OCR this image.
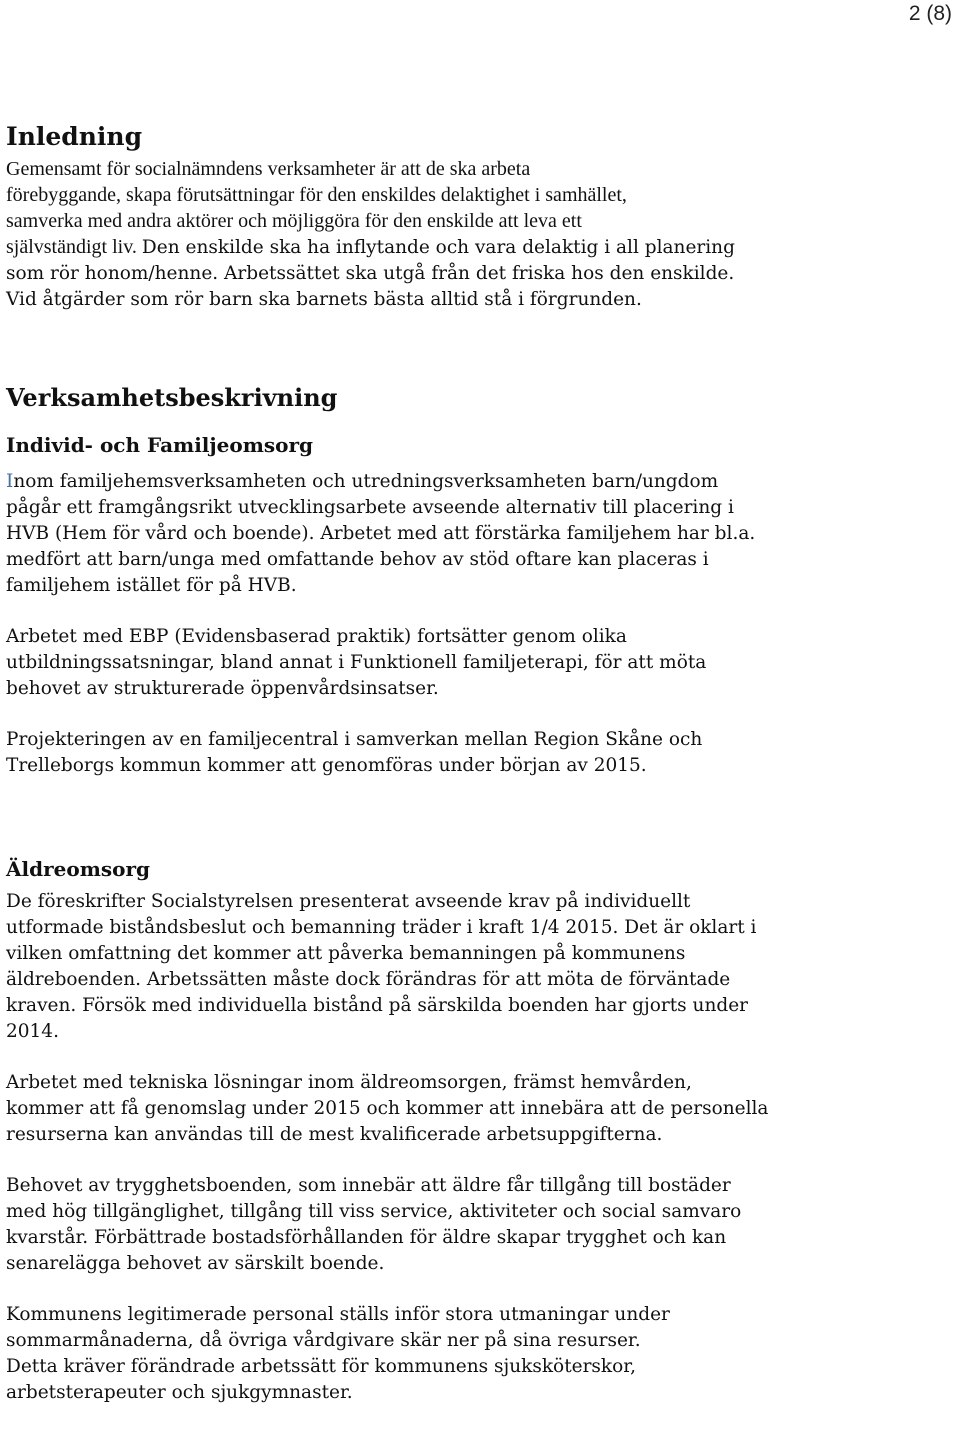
2 (8)
Inledning

Gemensamt för socialnämndens verksamheter är att de ska arbeta
förebyggande, skapa förutsättningar för den enskildes delaktighet i samhället,
samverka med andra aktörer och möjliggöra för den enskilde att leva ett
självständigt liv. Den enskilde ska ha inflytande och vara delaktig i all planering

som rör honom/henne. Arbetssättet ska utgå från det friska hos den enskilde.
Vid åtgärder som rör barn ska barnets bästa alltid stå i förgrunden.

Verksamhetsbeskrivning
Individ- och Familjeomsorg

Inom familjehemsverksamheten och utredningsverksamheten barn/ungdom
pågår ett framgångsrikt utvecklingsarbete avseende alternativ till placering i
HVB (Hem för vård och boende). Arbetet med att förstärka familjehem har bl.a.
medfört att barn/unga med omfattande behov av stöd oftare kan placeras i
familjehem istället för på HVB.

Arbetet med EBP (Evidensbaserad praktik) fortsätter genom olika
utbildningssatsningar, bland annat i Funktionell familjeterapi, för att möta
behovet av strukturerade öppenvårdsinsatser.

Projekteringen av en familjecentral i samverkan mellan Region Skåne och
Trelleborgs kommun kommer att genomföras under början av 2015.

Äldreomsorg

De föreskrifter Socialstyrelsen presenterat avseende krav på individuellt
utformade biståndsbeslut och bemanning träder i kraft 1/4 2015. Det är oklart i
vilken omfattning det kommer att påverka bemanningen på kommunens
äldreboenden. Arbetssätten måste dock förändras för att möta de förväntade
kraven. Försök med individuella bistånd på särskilda boenden har gjorts under
2014.

Arbetet med tekniska lösningar inom äldreomsorgen, främst hemvården,
kommer att få genomslag under 2015 och kommer att innebära att de personella
resurserna kan användas till de mest kvalificerade arbetsuppgifterna.

Behovet av trygghetsboenden, som innebär att äldre får tillgång till bostäder
med hög tillgänglighet, tillgång till viss service, aktiviteter och social samvaro
kvarstår. Förbättrade bostadsförhållanden för äldre skapar trygghet och kan
senarelägga behovet av särskilt boende.

Kommunens legitimerade personal ställs inför stora utmaningar under
sommarmånaderna, då övriga vårdgivare skär ner på sina resurser.
Detta kräver förändrade arbetssätt för kommunens sjuksköterskor,
arbetsterapeuter och sjukgymnaster.
